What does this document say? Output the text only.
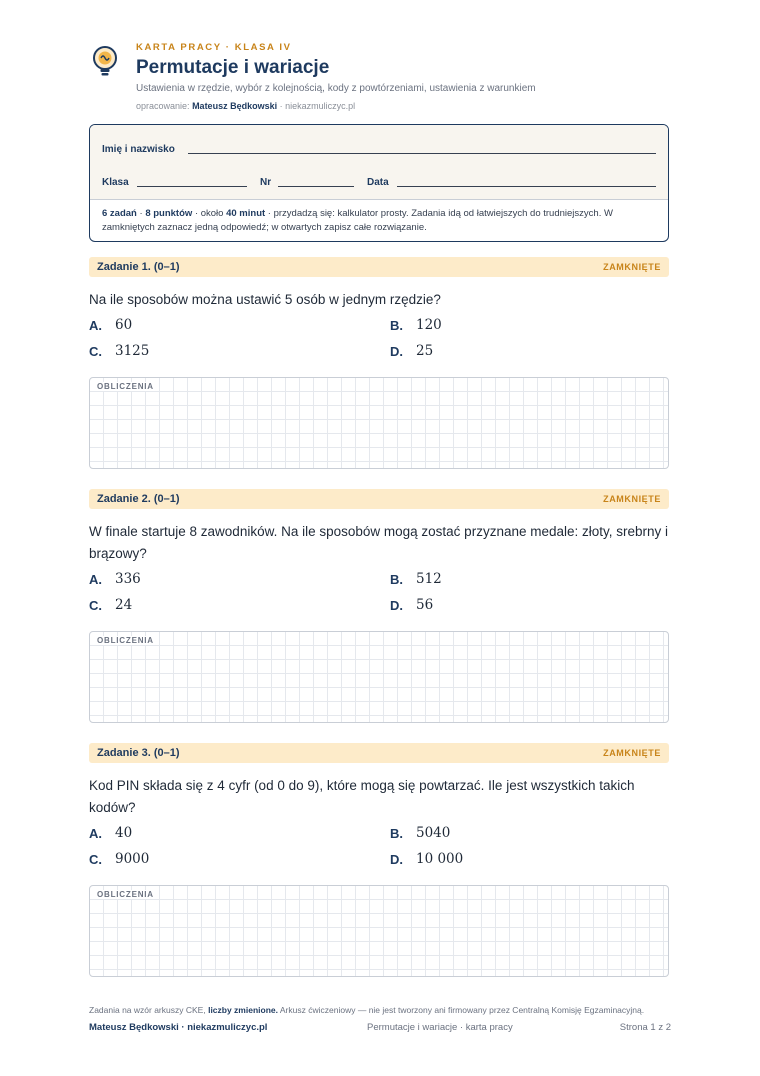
KARTA PRACY · KLASA IV
Permutacje i wariacje
Ustawienia w rzędzie, wybór z kolejnością, kody z powtórzeniami, ustawienia z warunkiem
opracowanie: Mateusz Będkowski · niekazmuliczyc.pl
Imię i nazwisko
Klasa	Nr	Data
6 zadań · 8 punktów · około 40 minut · przydadzą się: kalkulator prosty. Zadania idą od łatwiejszych do trudniejszych. W zamkniętych zaznacz jedną odpowiedź; w otwartych zapisz całe rozwiązanie.
Zadanie 1. (0–1)	ZAMKNIĘTE
Na ile sposobów można ustawić 5 osób w jednym rzędzie?
A. 60	B. 120
C. 3125	D. 25
OBLICZENIA
Zadanie 2. (0–1)	ZAMKNIĘTE
W finale startuje 8 zawodników. Na ile sposobów mogą zostać przyznane medale: złoty, srebrny i brązowy?
A. 336	B. 512
C. 24	D. 56
OBLICZENIA
Zadanie 3. (0–1)	ZAMKNIĘTE
Kod PIN składa się z 4 cyfr (od 0 do 9), które mogą się powtarzać. Ile jest wszystkich takich kodów?
A. 40	B. 5040
C. 9000	D. 10 000
OBLICZENIA
Zadania na wzór arkuszy CKE, liczby zmienione. Arkusz ćwiczeniowy — nie jest tworzony ani firmowany przez Centralną Komisję Egzaminacyjną.
Mateusz Będkowski · niekazmuliczyc.pl	Permutacje i wariacje · karta pracy	Strona 1 z 2
